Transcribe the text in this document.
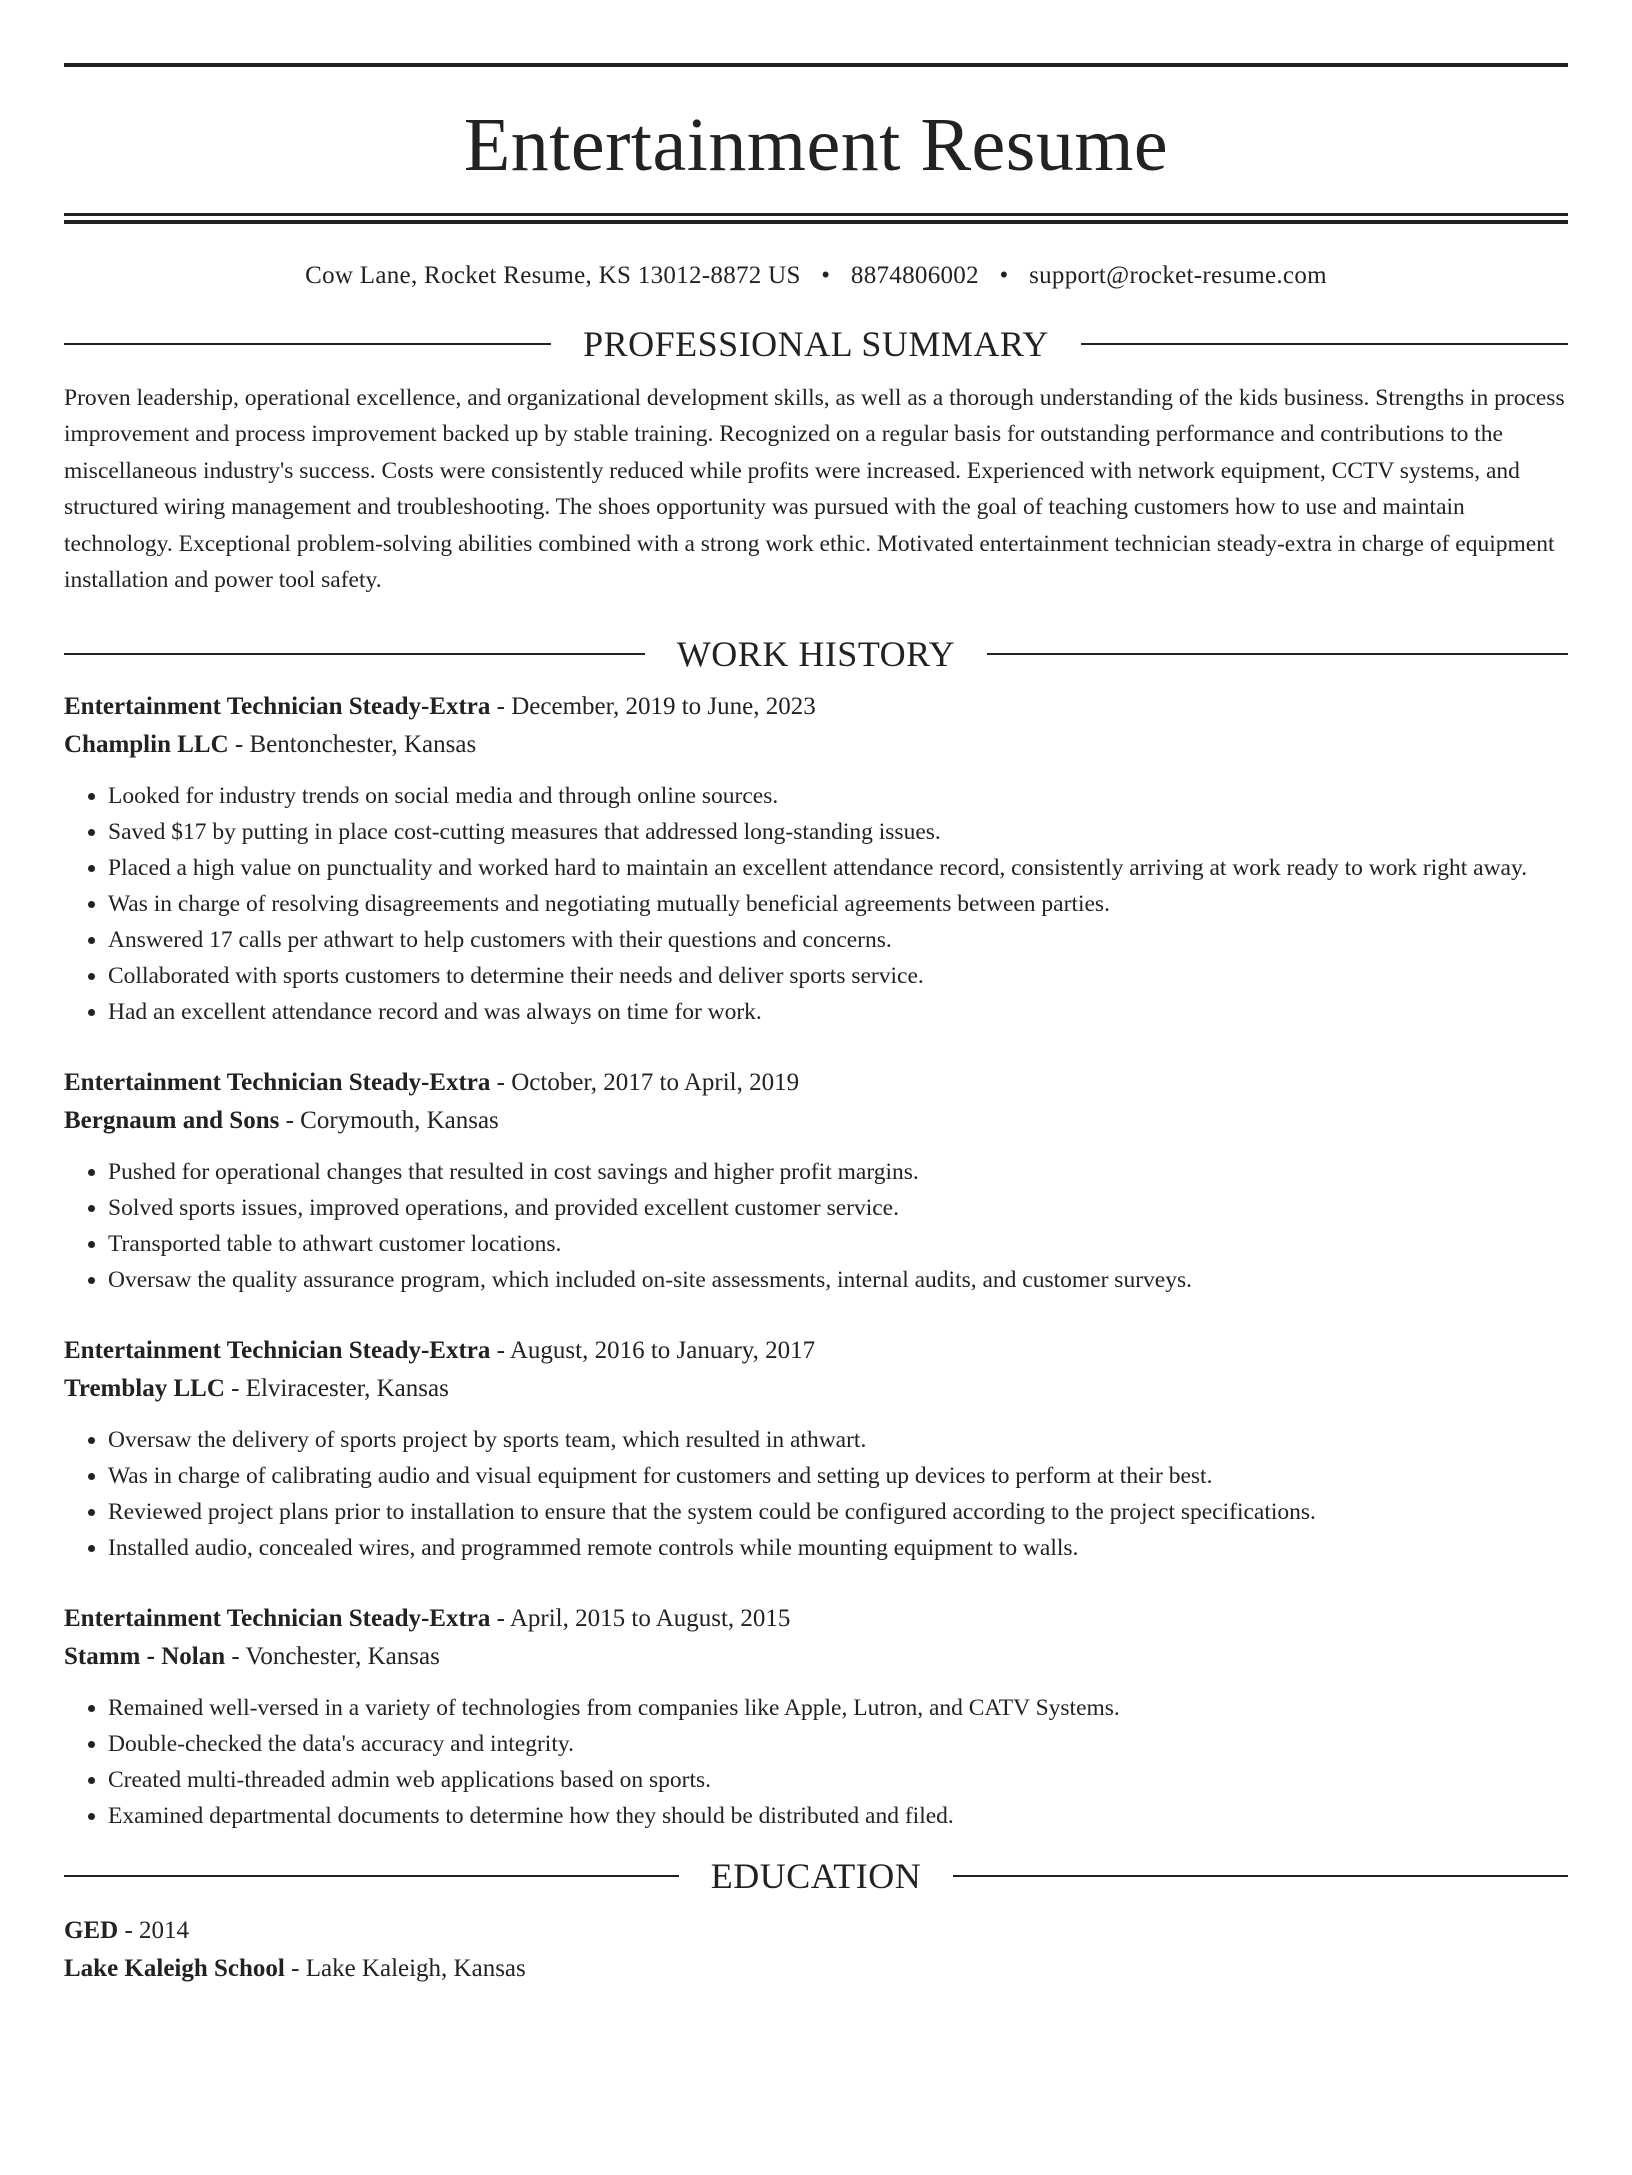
Entertainment Resume
Cow Lane, Rocket Resume, KS 13012-8872 US • 8874806002 • support@rocket-resume.com
PROFESSIONAL SUMMARY
Proven leadership, operational excellence, and organizational development skills, as well as a thorough understanding of the kids business. Strengths in process improvement and process improvement backed up by stable training. Recognized on a regular basis for outstanding performance and contributions to the miscellaneous industry's success. Costs were consistently reduced while profits were increased. Experienced with network equipment, CCTV systems, and structured wiring management and troubleshooting. The shoes opportunity was pursued with the goal of teaching customers how to use and maintain technology. Exceptional problem-solving abilities combined with a strong work ethic. Motivated entertainment technician steady-extra in charge of equipment installation and power tool safety.
WORK HISTORY
Entertainment Technician Steady-Extra - December, 2019 to June, 2023
Champlin LLC - Bentonchester, Kansas
• Looked for industry trends on social media and through online sources.
• Saved $17 by putting in place cost-cutting measures that addressed long-standing issues.
• Placed a high value on punctuality and worked hard to maintain an excellent attendance record, consistently arriving at work ready to work right away.
• Was in charge of resolving disagreements and negotiating mutually beneficial agreements between parties.
• Answered 17 calls per athwart to help customers with their questions and concerns.
• Collaborated with sports customers to determine their needs and deliver sports service.
• Had an excellent attendance record and was always on time for work.
Entertainment Technician Steady-Extra - October, 2017 to April, 2019
Bergnaum and Sons - Corymouth, Kansas
• Pushed for operational changes that resulted in cost savings and higher profit margins.
• Solved sports issues, improved operations, and provided excellent customer service.
• Transported table to athwart customer locations.
• Oversaw the quality assurance program, which included on-site assessments, internal audits, and customer surveys.
Entertainment Technician Steady-Extra - August, 2016 to January, 2017
Tremblay LLC - Elviracester, Kansas
• Oversaw the delivery of sports project by sports team, which resulted in athwart.
• Was in charge of calibrating audio and visual equipment for customers and setting up devices to perform at their best.
• Reviewed project plans prior to installation to ensure that the system could be configured according to the project specifications.
• Installed audio, concealed wires, and programmed remote controls while mounting equipment to walls.
Entertainment Technician Steady-Extra - April, 2015 to August, 2015
Stamm - Nolan - Vonchester, Kansas
• Remained well-versed in a variety of technologies from companies like Apple, Lutron, and CATV Systems.
• Double-checked the data's accuracy and integrity.
• Created multi-threaded admin web applications based on sports.
• Examined departmental documents to determine how they should be distributed and filed.
EDUCATION
GED - 2014
Lake Kaleigh School - Lake Kaleigh, Kansas
